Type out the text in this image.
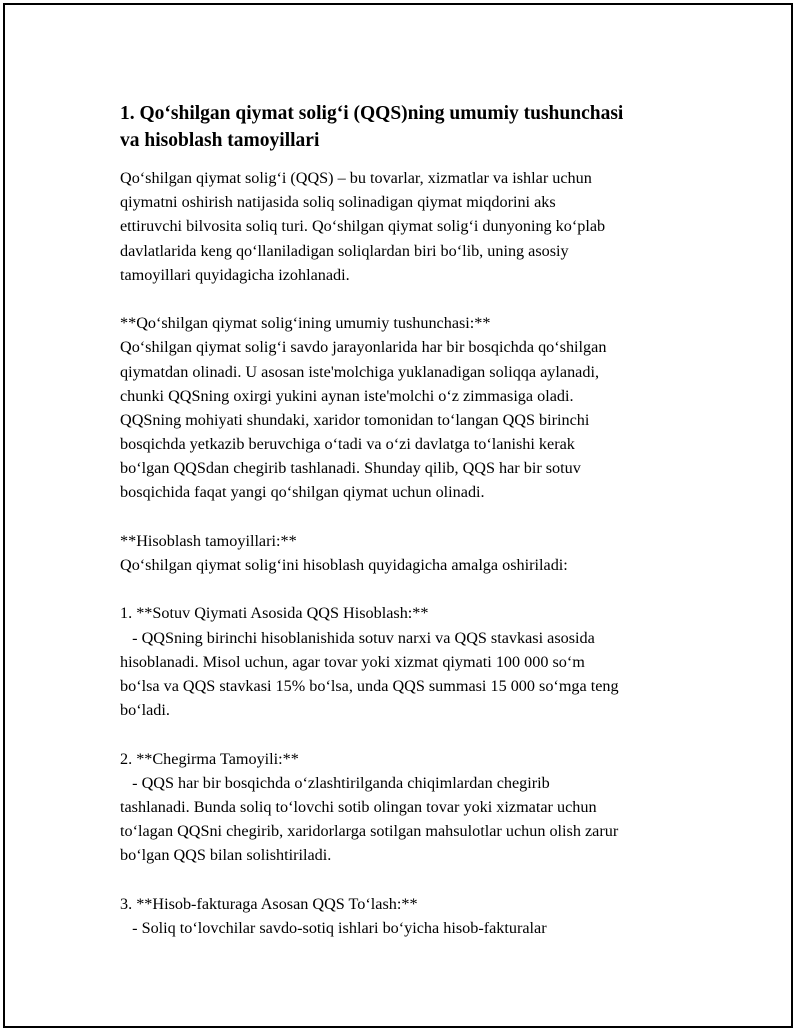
1. Qo‘shilgan qiymat solig‘i (QQS)ning umumiy tushunchasi
va hisoblash tamoyillari
Qo‘shilgan qiymat solig‘i (QQS) – bu tovarlar, xizmatlar va ishlar uchun
qiymatni oshirish natijasida soliq solinadigan qiymat miqdorini aks
ettiruvchi bilvosita soliq turi. Qo‘shilgan qiymat solig‘i dunyoning ko‘plab
davlatlarida keng qo‘llaniladigan soliqlardan biri bo‘lib, uning asosiy
tamoyillari quyidagicha izohlanadi.
**Qo‘shilgan qiymat solig‘ining umumiy tushunchasi:**
Qo‘shilgan qiymat solig‘i savdo jarayonlarida har bir bosqichda qo‘shilgan
qiymatdan olinadi. U asosan iste'molchiga yuklanadigan soliqqa aylanadi,
chunki QQSning oxirgi yukini aynan iste'molchi o‘z zimmasiga oladi.
QQSning mohiyati shundaki, xaridor tomonidan to‘langan QQS birinchi
bosqichda yetkazib beruvchiga o‘tadi va o‘zi davlatga to‘lanishi kerak
bo‘lgan QQSdan chegirib tashlanadi. Shunday qilib, QQS har bir sotuv
bosqichida faqat yangi qo‘shilgan qiymat uchun olinadi.
**Hisoblash tamoyillari:**
Qo‘shilgan qiymat solig‘ini hisoblash quyidagicha amalga oshiriladi:
1. **Sotuv Qiymati Asosida QQS Hisoblash:**
- QQSning birinchi hisoblanishida sotuv narxi va QQS stavkasi asosida
hisoblanadi. Misol uchun, agar tovar yoki xizmat qiymati 100 000 so‘m
bo‘lsa va QQS stavkasi 15% bo‘lsa, unda QQS summasi 15 000 so‘mga teng
bo‘ladi.
2. **Chegirma Tamoyili:**
- QQS har bir bosqichda o‘zlashtirilganda chiqimlardan chegirib
tashlanadi. Bunda soliq to‘lovchi sotib olingan tovar yoki xizmatar uchun
to‘lagan QQSni chegirib, xaridorlarga sotilgan mahsulotlar uchun olish zarur
bo‘lgan QQS bilan solishtiriladi.
3. **Hisob-fakturaga Asosan QQS To‘lash:**
- Soliq to‘lovchilar savdo-sotiq ishlari bo‘yicha hisob-fakturalar
